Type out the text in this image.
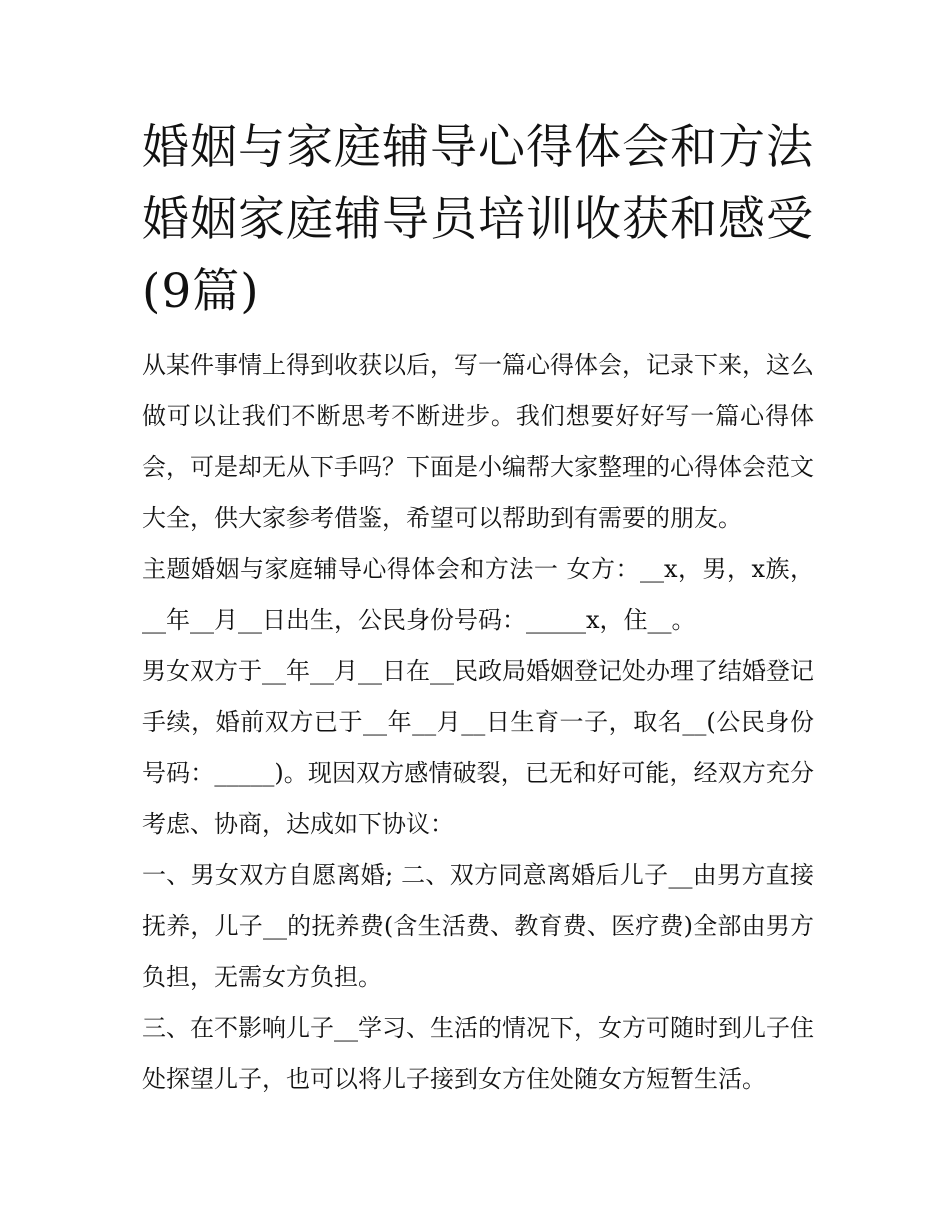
婚姻与家庭辅导心得体会和方法 婚姻家庭辅导员培训收获和感受(9篇)

从某件事情上得到收获以后，写一篇心得体会，记录下来，这么做可以让我们不断思考不断进步。我们想要好好写一篇心得体会，可是却无从下手吗？下面是小编帮大家整理的心得体会范文大全，供大家参考借鉴，希望可以帮助到有需要的朋友。

主题婚姻与家庭辅导心得体会和方法一 女方：__x，男，x族，__年__月__日出生，公民身份号码：_____x，住__。

男女双方于__年__月__日在__民政局婚姻登记处办理了结婚登记手续，婚前双方已于__年__月__日生育一子，取名__(公民身份号码：_____)。现因双方感情破裂，已无和好可能，经双方充分考虑、协商，达成如下协议：

一、男女双方自愿离婚; 二、双方同意离婚后儿子__由男方直接抚养，儿子__的抚养费(含生活费、教育费、医疗费)全部由男方负担，无需女方负担。

三、在不影响儿子__学习、生活的情况下，女方可随时到儿子住处探望儿子，也可以将儿子接到女方住处随女方短暂生活。
